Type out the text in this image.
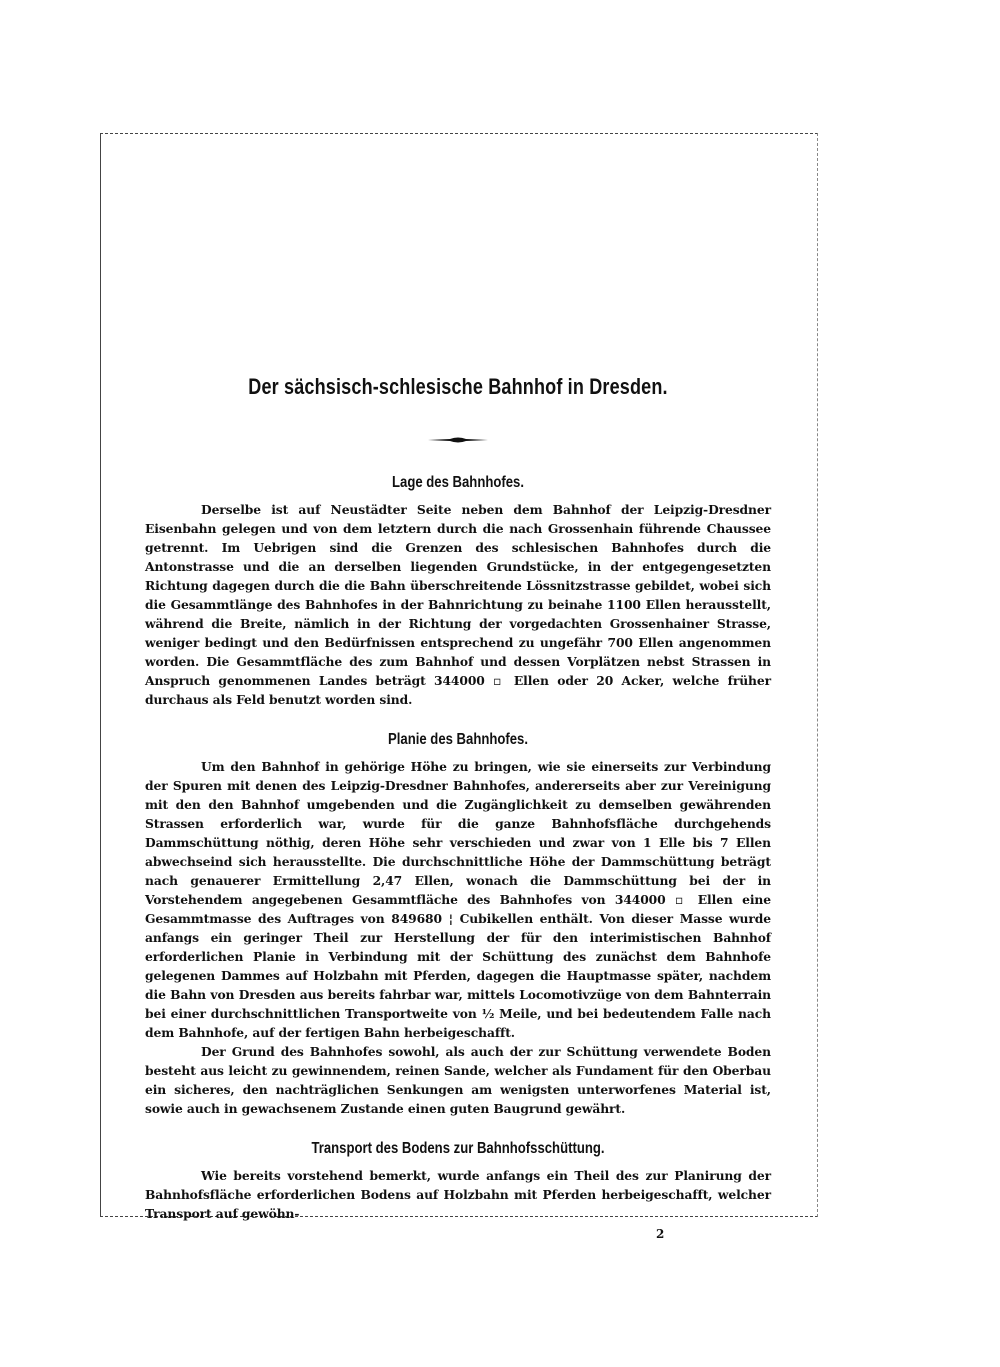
Der sächsisch-schlesische Bahnhof in Dresden.
Lage des Bahnhofes.

Derselbe ist auf Neustädter Seite neben dem Bahnhof der Leipzig-Dresdner Eisenbahn gelegen und von dem letztern durch die nach Grossenhain führende Chaussee getrennt. Im Uebrigen sind die Grenzen des schlesischen Bahnhofes durch die Antonstrasse und die an derselben liegenden Grundstücke, in der entgegengesetzten Richtung dagegen durch die die Bahn überschreitende Lössnitzstrasse gebildet, wobei sich die Gesammtlänge des Bahnhofes in der Bahnrichtung zu beinahe 1100 Ellen herausstellt, während die Breite, nämlich in der Richtung der vorgedachten Grossenhainer Strasse, weniger bedingt und den Bedürfnissen entsprechend zu ungefähr 700 Ellen angenommen worden. Die Gesammtfläche des zum Bahnhof und dessen Vorplätzen nebst Strassen in Anspruch genommenen Landes beträgt 344000 ▫ Ellen oder 20 Acker, welche früher durchaus als Feld benutzt worden sind.

Planie des Bahnhofes.

Um den Bahnhof in gehörige Höhe zu bringen, wie sie einerseits zur Verbindung der Spuren mit denen des Leipzig-Dresdner Bahnhofes, andererseits aber zur Vereinigung mit den den Bahnhof umgebenden und die Zugänglichkeit zu demselben gewährenden Strassen erforderlich war, wurde für die ganze Bahnhofsfläche durchgehends Dammschüttung nöthig, deren Höhe sehr verschieden und zwar von 1 Elle bis 7 Ellen abwechseind sich herausstellte. Die durchschnittliche Höhe der Dammschüttung beträgt nach genauerer Ermittellung 2,47 Ellen, wonach die Dammschüttung bei der in Vorstehendem angegebenen Gesammtfläche des Bahnhofes von 344000 ▫ Ellen eine Gesammtmasse des Auftrages von 849680 ¦ Cubikellen enthält. Von dieser Masse wurde anfangs ein geringer Theil zur Herstellung der für den interimistischen Bahnhof erforderlichen Planie in Verbindung mit der Schüttung des zunächst dem Bahnhofe gelegenen Dammes auf Holzbahn mit Pferden, dagegen die Hauptmasse später, nachdem die Bahn von Dresden aus bereits fahrbar war, mittels Locomotivzüge von dem Bahnterrain bei einer durchschnittlichen Transportweite von ½ Meile, und bei bedeutendem Falle nach dem Bahnhofe, auf der fertigen Bahn herbeigeschafft.

Der Grund des Bahnhofes sowohl, als auch der zur Schüttung verwendete Boden besteht aus leicht zu gewinnendem, reinen Sande, welcher als Fundament für den Oberbau ein sicheres, den nachträglichen Senkungen am wenigsten unterworfenes Material ist, sowie auch in gewachsenem Zustande einen guten Baugrund gewährt.

Transport des Bodens zur Bahnhofsschüttung.

Wie bereits vorstehend bemerkt, wurde anfangs ein Theil des zur Planirung der Bahnhofsfläche erforderlichen Bodens auf Holzbahn mit Pferden herbeigeschafft, welcher Transport auf gewöhn-

2
